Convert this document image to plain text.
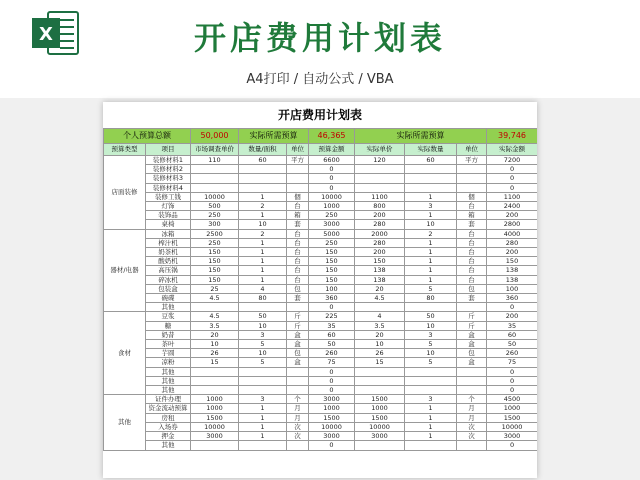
X	开店费用计划表
A4打印 / 自动公式 / VBA
开店费用计划表
个人预算总额		50,000	实际所需预算		46,365	实际所需预算			39,746
预算类型	项目	市场调查单价	数量/面积	单位	预算金额	实际单价	实际数量	单位	实际金额
店面装修	装修材料1	110	60	平方	6600	120	60	平方	7200
	装修材料2				0				0
	装修材料3				0				0
	装修材料4				0				0
	装修工钱	10000	1	個	10000	1100	1	個	1100
	灯饰	500	2	台	1000	800	3	台	2400
	装饰品	250	1	箱	250	200	1	箱	200
	桌椅	300	10	套	3000	280	10	套	2800
器材/电器	冰箱	2500	2	台	5000	2000	2	台	4000
	榨汁机	250	1	台	250	280	1	台	280
	奶茶机	150	1	台	150	200	1	台	200
	酸奶机	150	1	台	150	150	1	台	150
	高压锅	150	1	台	150	138	1	台	138
	碎冰机	150	1	台	150	138	1	台	138
	包装盒	25	4	包	100	20	5	包	100
	碗碟	4.5	80	套	360	4.5	80	套	360
	其他				0				0
食材	豆浆	4.5	50	斤	225	4	50	斤	200
	糖	3.5	10	斤	35	3.5	10	斤	35
	奶昔	20	3	盒	60	20	3	盒	60
	茶叶	10	5	盒	50	10	5	盒	50
	芋圆	26	10	包	260	26	10	包	260
	凉粉	15	5	盒	75	15	5	盒	75
	其他				0				0
	其他				0				0
	其他				0				0
其他	证件办理	1000	3	个	3000	1500	3	个	4500
	资金流动预算	1000	1	月	1000	1000	1	月	1000
	房租	1500	1	月	1500	1500	1	月	1500
	入场券	10000	1	次	10000	10000	1	次	10000
	押金	3000	1	次	3000	3000	1	次	3000
	其他				0				0
